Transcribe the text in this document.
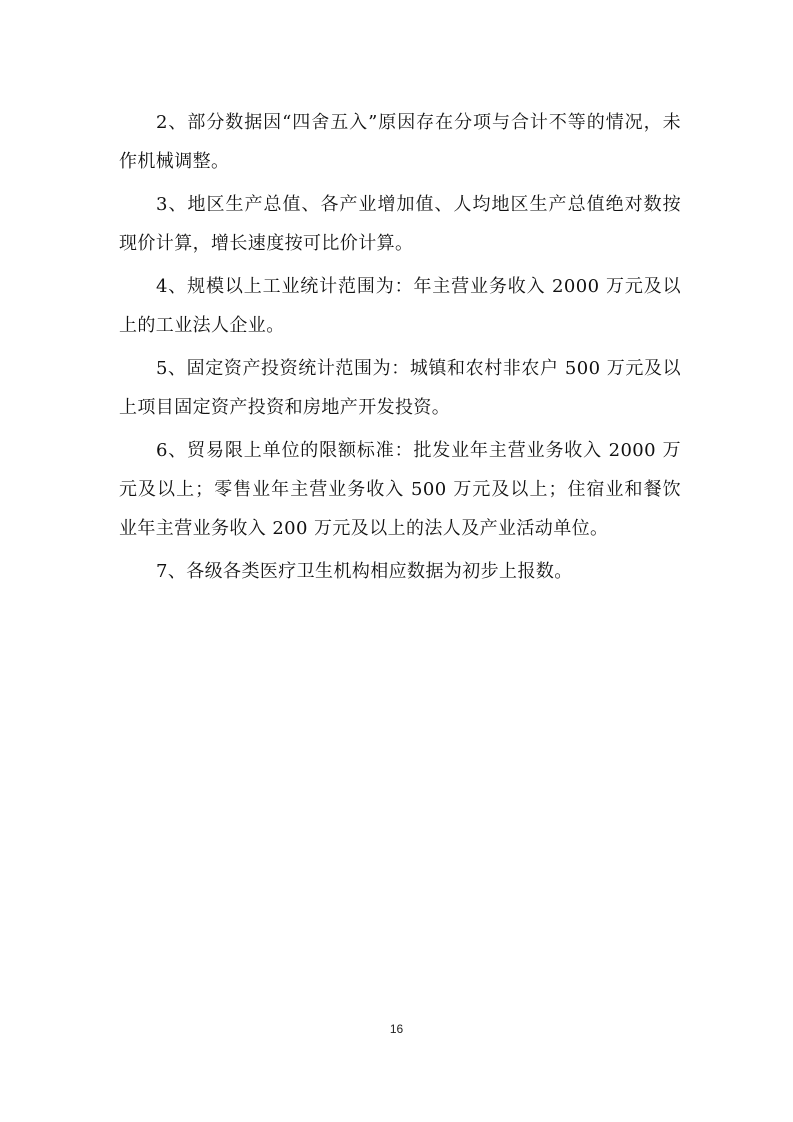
2、部分数据因“四舍五入”原因存在分项与合计不等的情况，未作机械调整。

3、地区生产总值、各产业增加值、人均地区生产总值绝对数按现价计算，增长速度按可比价计算。

4、规模以上工业统计范围为：年主营业务收入 2000 万元及以上的工业法人企业。

5、固定资产投资统计范围为：城镇和农村非农户 500 万元及以上项目固定资产投资和房地产开发投资。

6、贸易限上单位的限额标准：批发业年主营业务收入 2000 万元及以上；零售业年主营业务收入 500 万元及以上；住宿业和餐饮业年主营业务收入 200 万元及以上的法人及产业活动单位。

7、各级各类医疗卫生机构相应数据为初步上报数。

16
